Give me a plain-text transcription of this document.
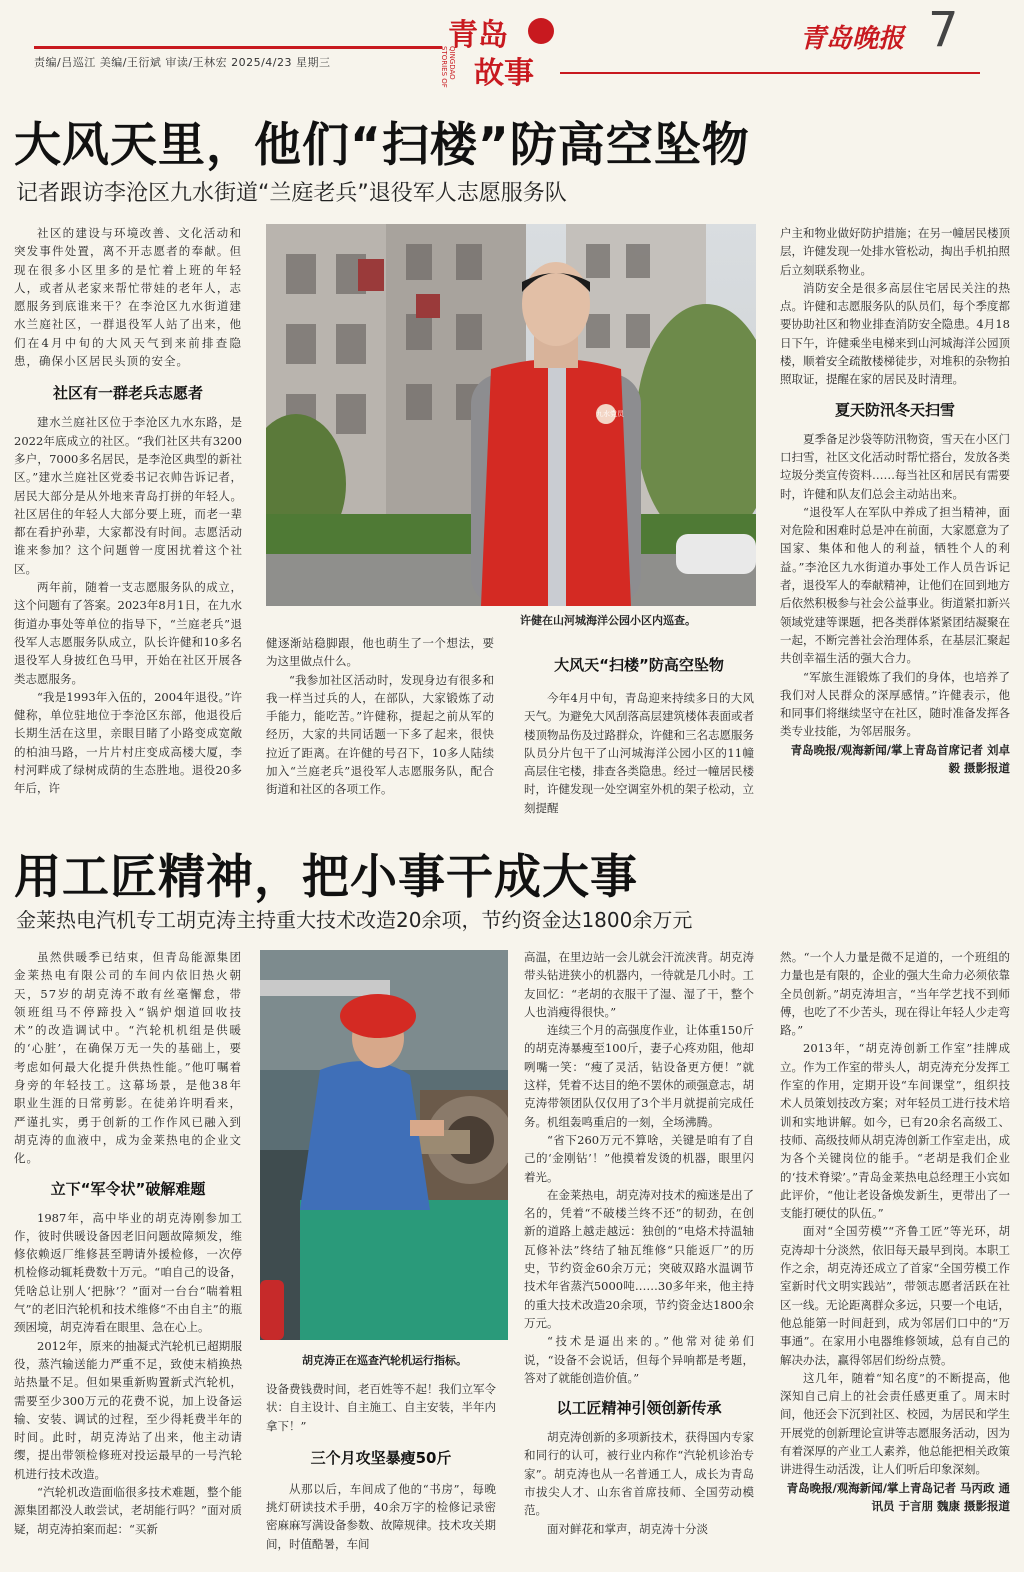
责编/吕巡江 美编/王衍斌 审读/王林宏 2025/4/23 星期三	QINGDAO STORIES OF
青岛
故事
青岛晚报 7
大风天里，他们“扫楼”防高空坠物
记者跟访李沧区九水街道“兰庭老兵”退役军人志愿服务队

社区的建设与环境改善、文化活动和突发事件处置，离不开志愿者的奉献。但现在很多小区里多的是忙着上班的年轻人，或者从老家来帮忙带娃的老年人，志愿服务到底谁来干？在李沧区九水街道建水兰庭社区，一群退役军人站了出来，他们在4月中旬的大风天气到来前排查隐患，确保小区居民头顶的安全。

社区有一群老兵志愿者

建水兰庭社区位于李沧区九水东路，是2022年底成立的社区。“我们社区共有3200多户，7000多名居民，是李沧区典型的新社区。”建水兰庭社区党委书记衣帅告诉记者，居民大部分是从外地来青岛打拼的年轻人。社区居住的年轻人大部分要上班，而老一辈都在看护孙辈，大家都没有时间。志愿活动谁来参加？这个问题曾一度困扰着这个社区。

两年前，随着一支志愿服务队的成立，这个问题有了答案。2023年8月1日，在九水街道办事处等单位的指导下，“兰庭老兵”退役军人志愿服务队成立，队长许健和10多名退役军人身披红色马甲，开始在社区开展各类志愿服务。

“我是1993年入伍的，2004年退役。”许健称，单位驻地位于李沧区东部，他退役后长期生活在这里，亲眼目睹了小路变成宽敞的柏油马路，一片片村庄变成高楼大厦，李村河畔成了绿树成荫的生态胜地。退役20多年后，许

九水党员

健逐渐站稳脚跟，他也萌生了一个想法，要为这里做点什么。

“我参加社区活动时，发现身边有很多和我一样当过兵的人，在部队，大家锻炼了动手能力，能吃苦。”许健称，提起之前从军的经历，大家的共同话题一下多了起来，很快拉近了距离。在许健的号召下，10多人陆续加入“兰庭老兵”退役军人志愿服务队，配合街道和社区的各项工作。

许健在山河城海洋公园小区内巡查。
大风天“扫楼”防高空坠物

今年4月中旬，青岛迎来持续多日的大风天气。为避免大风刮落高层建筑楼体表面或者楼顶物品伤及过路群众，许健和三名志愿服务队员分片包干了山河城海洋公园小区的11幢高层住宅楼，排查各类隐患。经过一幢居民楼时，许健发现一处空调室外机的架子松动，立刻提醒

户主和物业做好防护措施；在另一幢居民楼顶层，许健发现一处排水管松动，掏出手机拍照后立刻联系物业。

消防安全是很多高层住宅居民关注的热点。许健和志愿服务队的队员们，每个季度都要协助社区和物业排查消防安全隐患。4月18日下午，许健乘坐电梯来到山河城海洋公园顶楼，顺着安全疏散楼梯徒步，对堆积的杂物拍照取证，提醒在家的居民及时清理。

夏天防汛冬天扫雪

夏季备足沙袋等防汛物资，雪天在小区门口扫雪，社区文化活动时帮忙搭台，发放各类垃圾分类宣传资料……每当社区和居民有需要时，许健和队友们总会主动站出来。

“退役军人在军队中养成了担当精神，面对危险和困难时总是冲在前面，大家愿意为了国家、集体和他人的利益，牺牲个人的利益。”李沧区九水街道办事处工作人员告诉记者，退役军人的奉献精神，让他们在回到地方后依然积极参与社会公益事业。街道紧扣新兴领域党建等课题，把各类群体紧紧团结凝聚在一起，不断完善社会治理体系，在基层汇聚起共创幸福生活的强大合力。

“军旅生涯锻炼了我们的身体，也培养了我们对人民群众的深厚感情。”许健表示，他和同事们将继续坚守在社区，随时准备发挥各类专业技能，为邻居服务。

青岛晚报/观海新闻/掌上青岛首席记者 刘卓毅 摄影报道
用工匠精神，把小事干成大事
金莱热电汽机专工胡克涛主持重大技术改造20余项，节约资金达1800余万元

虽然供暖季已结束，但青岛能源集团金莱热电有限公司的车间内依旧热火朝天，57岁的胡克涛不敢有丝毫懈怠，带领班组马不停蹄投入“锅炉烟道回收技术”的改造调试中。“汽轮机机组是供暖的‘心脏’，在确保万无一失的基础上，要考虑如何最大化提升供热性能。”他叮嘱着身旁的年轻技工。这幕场景，是他38年职业生涯的日常剪影。在徒弟许明看来，严谨扎实，勇于创新的工作作风已融入到胡克涛的血液中，成为金莱热电的企业文化。

立下“军令状”破解难题

1987年，高中毕业的胡克涛刚参加工作，彼时供暖设备因老旧问题故障频发，维修依赖返厂维修甚至聘请外援检修，一次停机检修动辄耗费数十万元。“咱自己的设备，凭啥总让别人‘把脉’？”面对一台台“喘着粗气”的老旧汽轮机和技术维修“不由自主”的瓶颈困境，胡克涛看在眼里、急在心上。

2012年，原来的抽凝式汽轮机已超期服役，蒸汽输送能力严重不足，致使末梢换热站热量不足。但如果重新购置新式汽轮机，需要至少300万元的花费不说，加上设备运输、安装、调试的过程，至少得耗费半年的时间。此时，胡克涛站了出来，他主动请缨，提出带领检修班对投运最早的一号汽轮机进行技术改造。

“汽轮机改造面临很多技术难题，整个能源集团都没人敢尝试，老胡能行吗？”面对质疑，胡克涛拍案而起：“买新

胡克涛正在巡查汽轮机运行指标。

设备费钱费时间，老百姓等不起！我们立军令状：自主设计、自主施工、自主安装，半年内拿下！”

三个月攻坚暴瘦50斤

从那以后，车间成了他的“书房”，每晚挑灯研读技术手册，40余万字的检修记录密密麻麻写满设备参数、故障规律。技术攻关期间，时值酷暑，车间

高温，在里边站一会儿就会汗流浃背。胡克涛带头钻进狭小的机器内，一待就是几小时。工友回忆：“老胡的衣服干了湿、湿了干，整个人也消瘦得很快。”

连续三个月的高强度作业，让体重150斤的胡克涛暴瘦至100斤，妻子心疼劝阻，他却咧嘴一笑：“瘦了灵活，钻设备更方便！”就这样，凭着不达目的绝不罢休的顽强意志，胡克涛带领团队仅仅用了3个半月就提前完成任务。机组轰鸣重启的一刻，全场沸腾。

“省下260万元不算啥，关键是咱有了自己的‘金刚钻’！”他摸着发烫的机器，眼里闪着光。

在金莱热电，胡克涛对技术的痴迷是出了名的，凭着“不破楼兰终不还”的韧劲，在创新的道路上越走越远：独创的“电烙术持温轴瓦修补法”终结了轴瓦维修“只能返厂”的历史，节约资金60余万元；突破双路水温调节技术年省蒸汽5000吨……30多年来，他主持的重大技术改造20余项，节约资金达1800余万元。

“技术是逼出来的。”他常对徒弟们说，“设备不会说话，但每个异响都是考题，答对了就能创造价值。”

以工匠精神引领创新传承

胡克涛创新的多项新技术，获得国内专家和同行的认可，被行业内称作“汽轮机诊治专家”。胡克涛也从一名普通工人，成长为青岛市拔尖人才、山东省首席技师、全国劳动模范。

面对鲜花和掌声，胡克涛十分淡

然。“一个人力量是微不足道的，一个班组的力量也是有限的，企业的强大生命力必须依靠全员创新。”胡克涛坦言，“当年学艺找不到师傅，也吃了不少苦头，现在得让年轻人少走弯路。”

2013年，“胡克涛创新工作室”挂牌成立。作为工作室的带头人，胡克涛充分发挥工作室的作用，定期开设“车间课堂”，组织技术人员策划技改方案；对年轻员工进行技术培训和实地讲解。如今，已有20余名高级工、技师、高级技师从胡克涛创新工作室走出，成为各个关键岗位的能手。“老胡是我们企业的‘技术脊梁’。”青岛金莱热电总经理王小宾如此评价，“他让老设备焕发新生，更带出了一支能打硬仗的队伍。”

面对“全国劳模”“齐鲁工匠”等光环，胡克涛却十分淡然，依旧每天最早到岗。本职工作之余，胡克涛还成立了首家“全国劳模工作室新时代文明实践站”，带领志愿者活跃在社区一线。无论距离群众多远，只要一个电话，他总能第一时间赶到，成为邻居们口中的“万事通”。在家用小电器维修领域，总有自己的解决办法，赢得邻居们纷纷点赞。

这几年，随着“知名度”的不断提高，他深知自己肩上的社会责任感更重了。周末时间，他还会下沉到社区、校园，为居民和学生开展党的创新理论宣讲等志愿服务活动，因为有着深厚的产业工人素养，他总能把相关政策讲进得生动活泼，让人们听后印象深刻。

青岛晚报/观海新闻/掌上青岛记者 马丙政 通讯员 于言朋 魏康 摄影报道
